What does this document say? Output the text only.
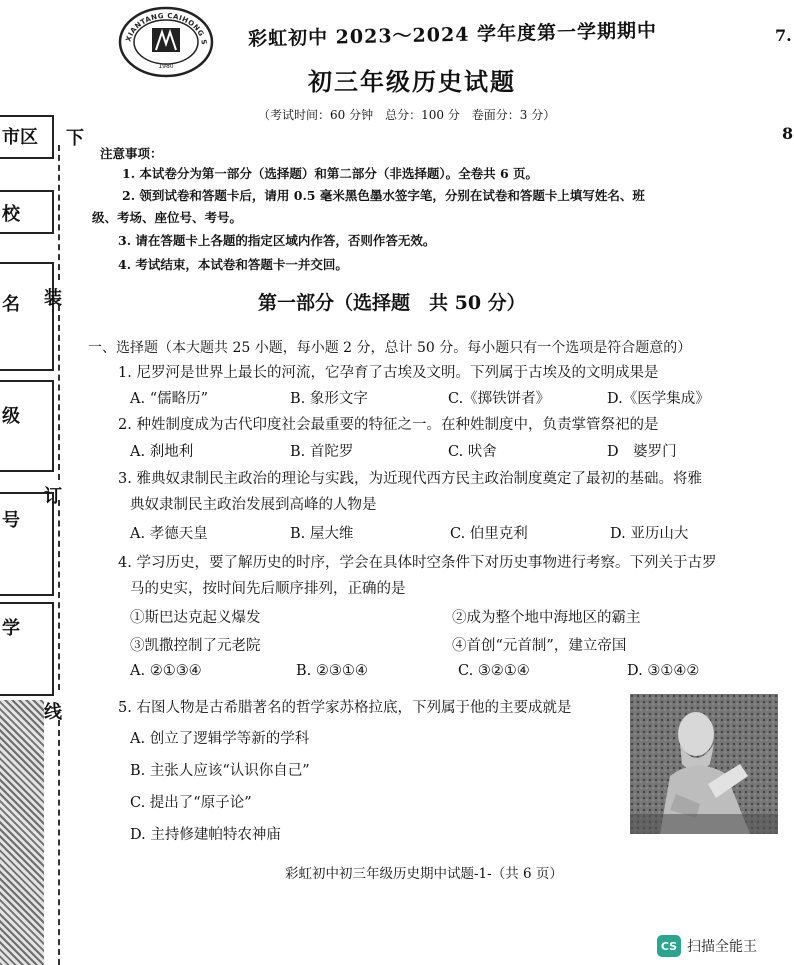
市区
校
名
级
号
学
下
装
订
线
XIANTANG CAIHONG S
1980
彩虹初中 2023～2024 学年度第一学期期中	7.
8
初三年级历史试题
（考试时间：60 分钟　总分：100 分　卷面分：3 分）
注意事项：
1. 本试卷分为第一部分（选择题）和第二部分（非选择题）。全卷共 6 页。
2. 领到试卷和答题卡后，请用 0.5 毫米黑色墨水签字笔，分别在试卷和答题卡上填写姓名、班
级、考场、座位号、考号。
3. 请在答题卡上各题的指定区域内作答，否则作答无效。
4. 考试结束，本试卷和答题卡一并交回。
第一部分（选择题　共 50 分）
一、选择题（本大题共 25 小题，每小题 2 分，总计 50 分。每小题只有一个选项是符合题意的）
1. 尼罗河是世界上最长的河流，它孕育了古埃及文明。下列属于古埃及的文明成果是
A. “儒略历”	B. 象形文字	C.《掷铁饼者》	D.《医学集成》
2. 种姓制度成为古代印度社会最重要的特征之一。在种姓制度中，负责掌管祭祀的是
A. 刹地利	B. 首陀罗	C. 吠舍	D　婆罗门
3. 雅典奴隶制民主政治的理论与实践，为近现代西方民主政治制度奠定了最初的基础。将雅
典奴隶制民主政治发展到高峰的人物是
A. 孝德天皇	B. 屋大维	C. 伯里克利	D. 亚历山大
4. 学习历史，要了解历史的时序，学会在具体时空条件下对历史事物进行考察。下列关于古罗
马的史实，按时间先后顺序排列，正确的是
①斯巴达克起义爆发	②成为整个地中海地区的霸主
③凯撒控制了元老院	④首创“元首制”，建立帝国
A. ②①③④	B. ②③①④	C. ③②①④	D. ③①④②
5. 右图人物是古希腊著名的哲学家苏格拉底，下列属于他的主要成就是
A. 创立了逻辑学等新的学科
B. 主张人应该“认识你自己”
C. 提出了“原子论”
D. 主持修建帕特农神庙
彩虹初中初三年级历史期中试题-1-（共 6 页）
CS 扫描全能王
